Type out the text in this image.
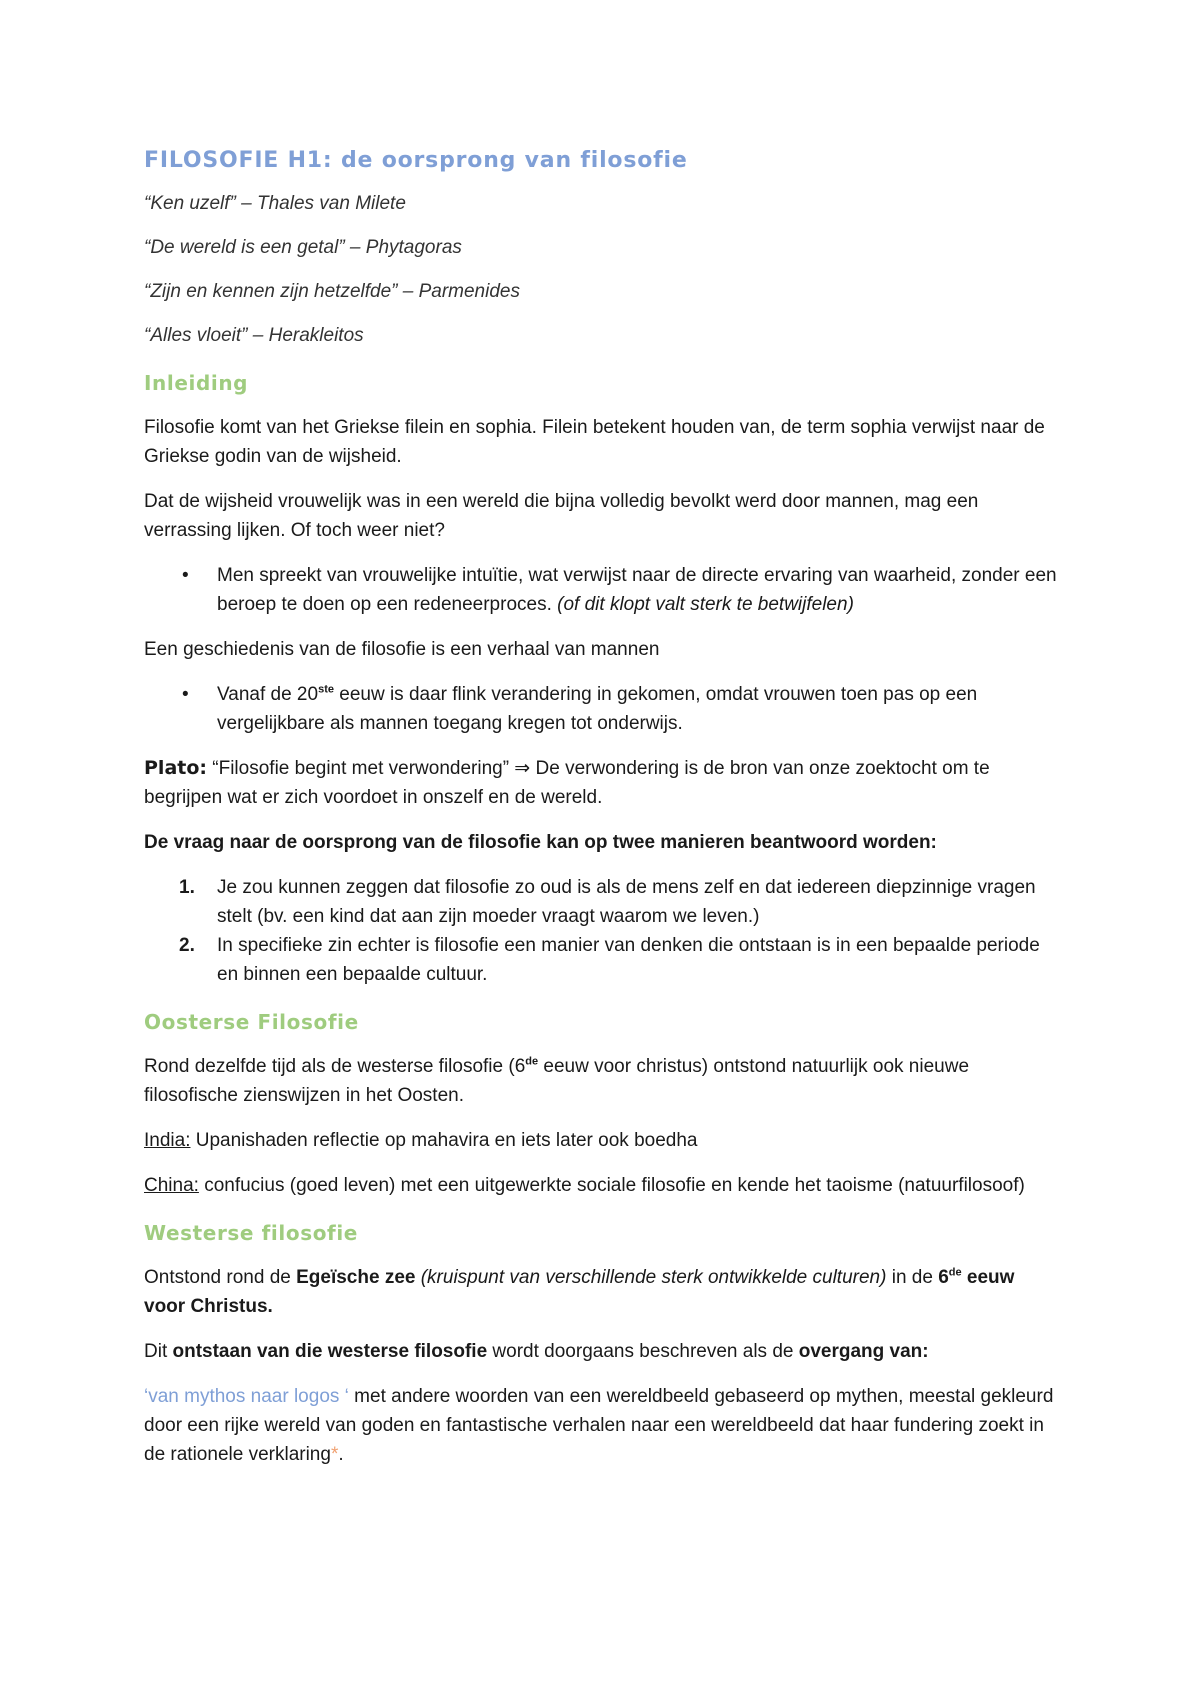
FILOSOFIE H1: de oorsprong van filosofie

“Ken uzelf” – Thales van Milete

“De wereld is een getal” – Phytagoras

“Zijn en kennen zijn hetzelfde” – Parmenides

“Alles vloeit” – Herakleitos

Inleiding

Filosofie komt van het Griekse filein en sophia. Filein betekent houden van, de term sophia verwijst naar de Griekse godin van de wijsheid.

Dat de wijsheid vrouwelijk was in een wereld die bijna volledig bevolkt werd door mannen, mag een verrassing lijken. Of toch weer niet?

• Men spreekt van vrouwelijke intuïtie, wat verwijst naar de directe ervaring van waarheid, zonder een beroep te doen op een redeneerproces. (of dit klopt valt sterk te betwijfelen)

Een geschiedenis van de filosofie is een verhaal van mannen

• Vanaf de 20ste eeuw is daar flink verandering in gekomen, omdat vrouwen toen pas op een vergelijkbare als mannen toegang kregen tot onderwijs.

Plato: “Filosofie begint met verwondering” ⇒ De verwondering is de bron van onze zoektocht om te begrijpen wat er zich voordoet in onszelf en de wereld.

De vraag naar de oorsprong van de filosofie kan op twee manieren beantwoord worden:

1. Je zou kunnen zeggen dat filosofie zo oud is als de mens zelf en dat iedereen diepzinnige vragen stelt (bv. een kind dat aan zijn moeder vraagt waarom we leven.)
2. In specifieke zin echter is filosofie een manier van denken die ontstaan is in een bepaalde periode en binnen een bepaalde cultuur.
Oosterse Filosofie

Rond dezelfde tijd als de westerse filosofie (6de eeuw voor christus) ontstond natuurlijk ook nieuwe filosofische zienswijzen in het Oosten.

India: Upanishaden reflectie op mahavira en iets later ook boedha

China: confucius (goed leven) met een uitgewerkte sociale filosofie en kende het taoisme (natuurfilosoof)

Westerse filosofie

Ontstond rond de Egeïsche zee (kruispunt van verschillende sterk ontwikkelde culturen) in de 6de eeuw voor Christus.

Dit ontstaan van die westerse filosofie wordt doorgaans beschreven als de overgang van:

‘van mythos naar logos ‘ met andere woorden van een wereldbeeld gebaseerd op mythen, meestal gekleurd door een rijke wereld van goden en fantastische verhalen naar een wereldbeeld dat haar fundering zoekt in de rationele verklaring*.
